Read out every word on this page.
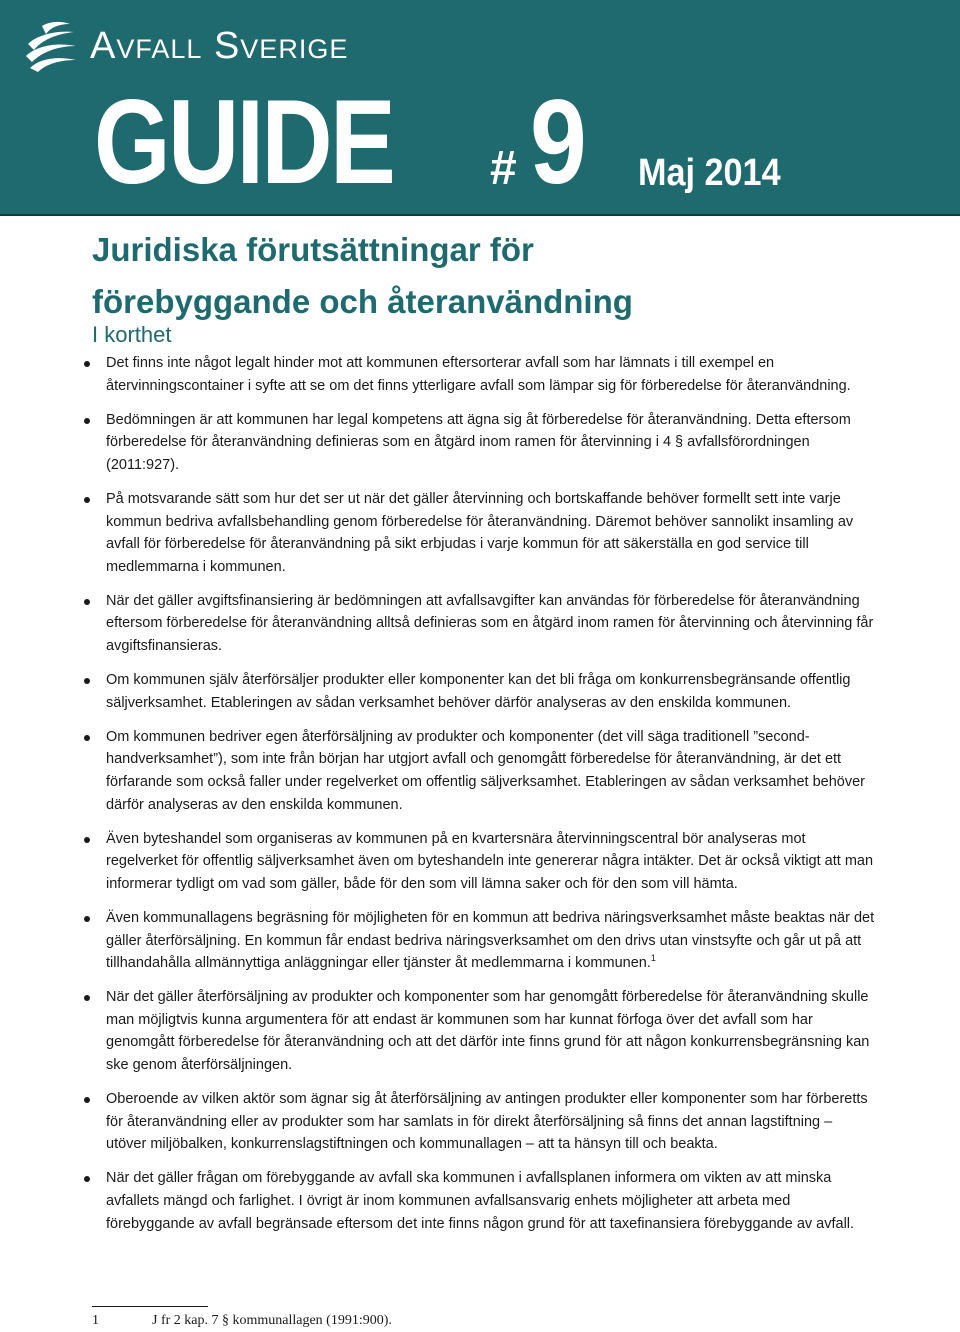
Avfall Sverige
GUIDE # 9 Maj 2014
Juridiska förutsättningar för
förebyggande och återanvändning
I korthet
Det finns inte något legalt hinder mot att kommunen eftersorterar avfall som har lämnats i till exempel en återvinningscontainer i syfte att se om det finns ytterligare avfall som lämpar sig för förberedelse för återanvändning.
Bedömningen är att kommunen har legal kompetens att ägna sig åt förberedelse för återanvändning. Detta eftersom förberedelse för återanvändning definieras som en åtgärd inom ramen för återvinning i 4 § avfallsförordningen (2011:927).
På motsvarande sätt som hur det ser ut när det gäller återvinning och bortskaffande behöver formellt sett inte varje kommun bedriva avfallsbehandling genom förberedelse för återanvändning. Däremot behöver sannolikt insamling av avfall för förberedelse för återanvändning på sikt erbjudas i varje kommun för att säkerställa en god service till medlemmarna i kommunen.
När det gäller avgiftsfinansiering är bedömningen att avfallsavgifter kan användas för förberedelse för återanvändning eftersom förberedelse för återanvändning alltså definieras som en åtgärd inom ramen för återvinning och återvinning får avgiftsfinansieras.
Om kommunen själv återförsäljer produkter eller komponenter kan det bli fråga om konkurrensbegränsande offentlig säljverksamhet. Etableringen av sådan verksamhet behöver därför analyseras av den enskilda kommunen.
Om kommunen bedriver egen återförsäljning av produkter och komponenter (det vill säga traditionell ”second-handverksamhet”), som inte från början har utgjort avfall och genomgått förberedelse för återanvändning, är det ett förfarande som också faller under regelverket om offentlig säljverksamhet. Etableringen av sådan verksamhet behöver därför analyseras av den enskilda kommunen.
Även byteshandel som organiseras av kommunen på en kvartersnära återvinningscentral bör analyseras mot regelverket för offentlig säljverksamhet även om byteshandeln inte genererar några intäkter. Det är också viktigt att man informerar tydligt om vad som gäller, både för den som vill lämna saker och för den som vill hämta.
Även kommunallagens begräsning för möjligheten för en kommun att bedriva näringsverksamhet måste beaktas när det gäller återförsäljning. En kommun får endast bedriva näringsverksamhet om den drivs utan vinstsyfte och går ut på att tillhandahålla allmännyttiga anläggningar eller tjänster åt medlemmarna i kommunen.$^1$
När det gäller återförsäljning av produkter och komponenter som har genomgått förberedelse för återanvändning skulle man möjligtvis kunna argumentera för att endast är kommunen som har kunnat förfoga över det avfall som har genomgått förberedelse för återanvändning och att det därför inte finns grund för att någon konkurrensbegränsning kan ske genom återförsäljningen.
Oberoende av vilken aktör som ägnar sig åt återförsäljning av antingen produkter eller komponenter som har förberetts för återanvändning eller av produkter som har samlats in för direkt återförsäljning så finns det annan lagstiftning – utöver miljöbalken, konkurrenslagstiftningen och kommunallagen – att ta hänsyn till och beakta.
När det gäller frågan om förebyggande av avfall ska kommunen i avfallsplanen informera om vikten av att minska avfallets mängd och farlighet. I övrigt är inom kommunen avfallsansvarig enhets möjligheter att arbeta med förebyggande av avfall begränsade eftersom det inte finns någon grund för att taxefinansiera förebyggande av avfall.
1	J fr 2 kap. 7 § kommunallagen (1991:900).
